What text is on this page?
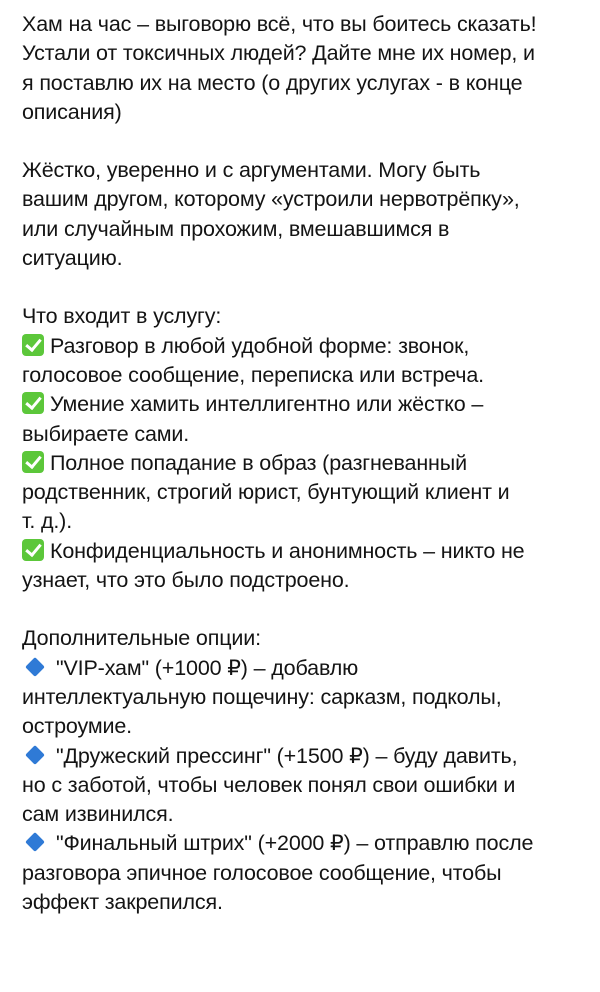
Хам на час – выговорю всё, что вы боитесь сказать!
Устали от токсичных людей? Дайте мне их номер, и
я поставлю их на место (о других услугах - в конце
описания)
Жёстко, уверенно и с аргументами. Могу быть
вашим другом, которому «устроили нервотрёпку»,
или случайным прохожим, вмешавшимся в
ситуацию.
Что входит в услугу:
Разговор в любой удобной форме: звонок,
голосовое сообщение, переписка или встреча.
Умение хамить интеллигентно или жёстко –
выбираете сами.
Полное попадание в образ (разгневанный
родственник, строгий юрист, бунтующий клиент и
т. д.).
Конфиденциальность и анонимность – никто не
узнает, что это было подстроено.
Дополнительные опции:
"VIP-хам" (+1000 ₽) – добавлю
интеллектуальную пощечину: сарказм, подколы,
остроумие.
"Дружеский прессинг" (+1500 ₽) – буду давить,
но с заботой, чтобы человек понял свои ошибки и
сам извинился.
"Финальный штрих" (+2000 ₽) – отправлю после
разговора эпичное голосовое сообщение, чтобы
эффект закрепился.
